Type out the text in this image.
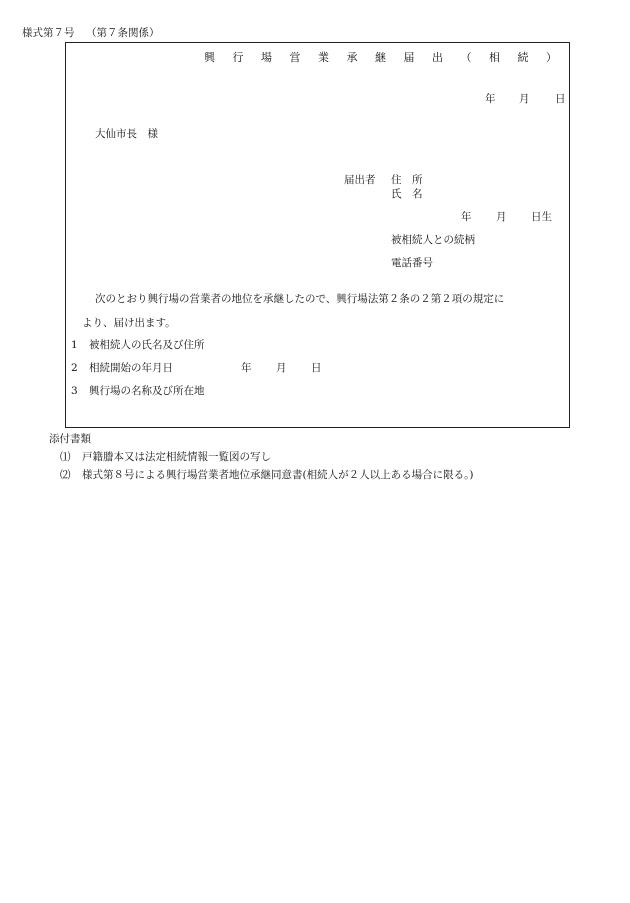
様式第７号 （第７条関係）
興 行 場 営 業 承 継 届 出 （ 相 続 ）
年 月 日
大仙市長　様
届出者 住　所
氏　名
年 月 日生
被相続人との続柄
電話番号
次のとおり興行場の営業者の地位を承継したので、興行場法第２条の２第２項の規定に
より、届け出ます。
1 被相続人の氏名及び住所
2 相続開始の年月日	年 月 日
3 興行場の名称及び所在地
添付書類
⑴ 戸籍謄本又は法定相続情報一覧図の写し
⑵ 様式第８号による興行場営業者地位承継同意書(相続人が２人以上ある場合に限る。)
